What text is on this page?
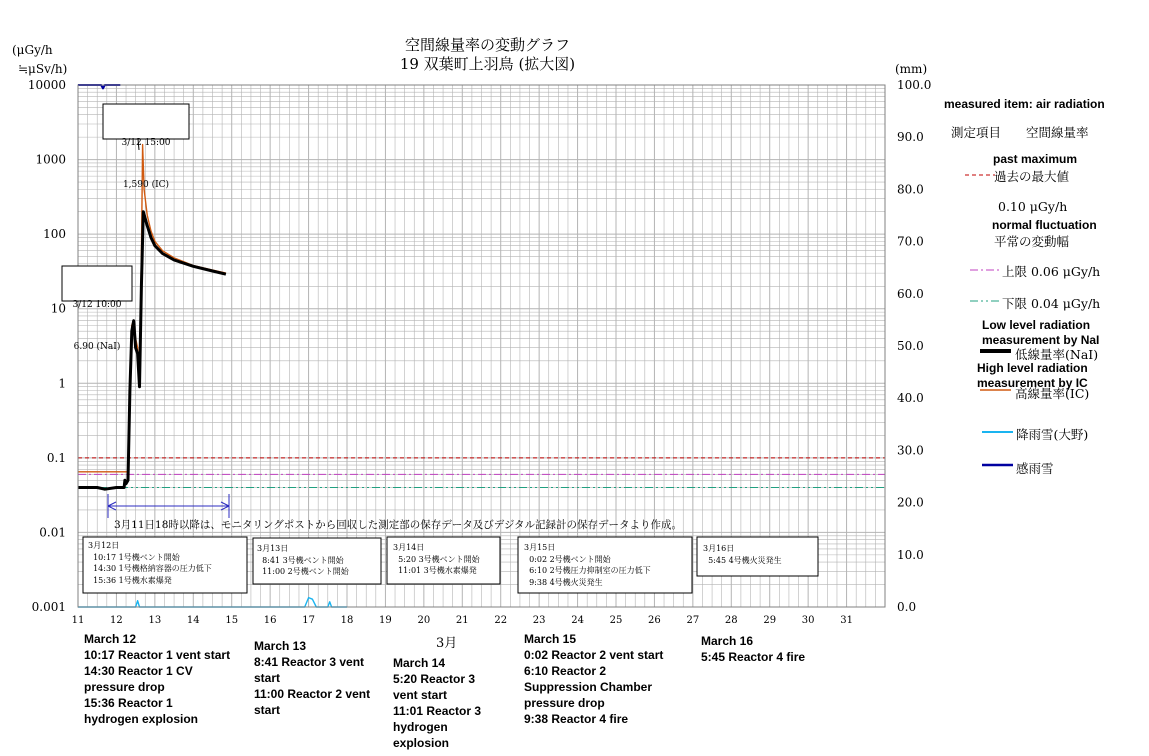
0.001
0.01
0.1
1
10
100
1000
10000
0.0
10.0
20.0
30.0
40.0
50.0
60.0
70.0
80.0
90.0
100.0
11	12	13	14	15	16	17	18	19	20	21	22	23	24	25	26	27	28	29	30	31
空間線量率の変動グラフ
19 双葉町上羽鳥 (拡大図)
(μGy/h
≒μSv/h)	(mm)
3月

3/12 15:00

1,590 (IC)

3/12 10:00

6.90 (NaI)

3月11日18時以降は、モニタリングポストから回収した測定部の保存データ及びデジタル記録計の保存データより作成。
3月12日
10:17 1号機ベント開始
14:30 1号機格納容器の圧力低下
15:36 1号機水素爆発
3月13日
8:41 3号機ベント開始
11:00 2号機ベント開始
3月14日
5:20 3号機ベント開始
11:01 3号機水素爆発
3月15日
0:02 2号機ベント開始
6:10 2号機圧力抑制室の圧力低下
9:38 4号機火災発生
3月16日
5:45 4号機火災発生
March 12
10:17 Reactor 1 vent start
14:30 Reactor 1 CV
pressure drop
15:36 Reactor 1
hydrogen explosion
March 13
8:41 Reactor 3 vent
start
11:00 Reactor 2 vent
start
March 14
5:20 Reactor 3
vent start
11:01 Reactor 3
hydrogen
explosion
March 15
0:02 Reactor 2 vent start
6:10 Reactor 2
Suppression Chamber
pressure drop
9:38 Reactor 4 fire
March 16
5:45 Reactor 4 fire
measured item: air radiation
測定項目　　空間線量率
past maximum
過去の最大値
0.10 μGy/h
normal fluctuation
平常の変動幅
上限 0.06 μGy/h
下限 0.04 μGy/h
Low level radiation
measurement by NaI
低線量率(NaI)
High level radiation
measurement by IC
高線量率(IC)
降雨雪(大野)
感雨雪
